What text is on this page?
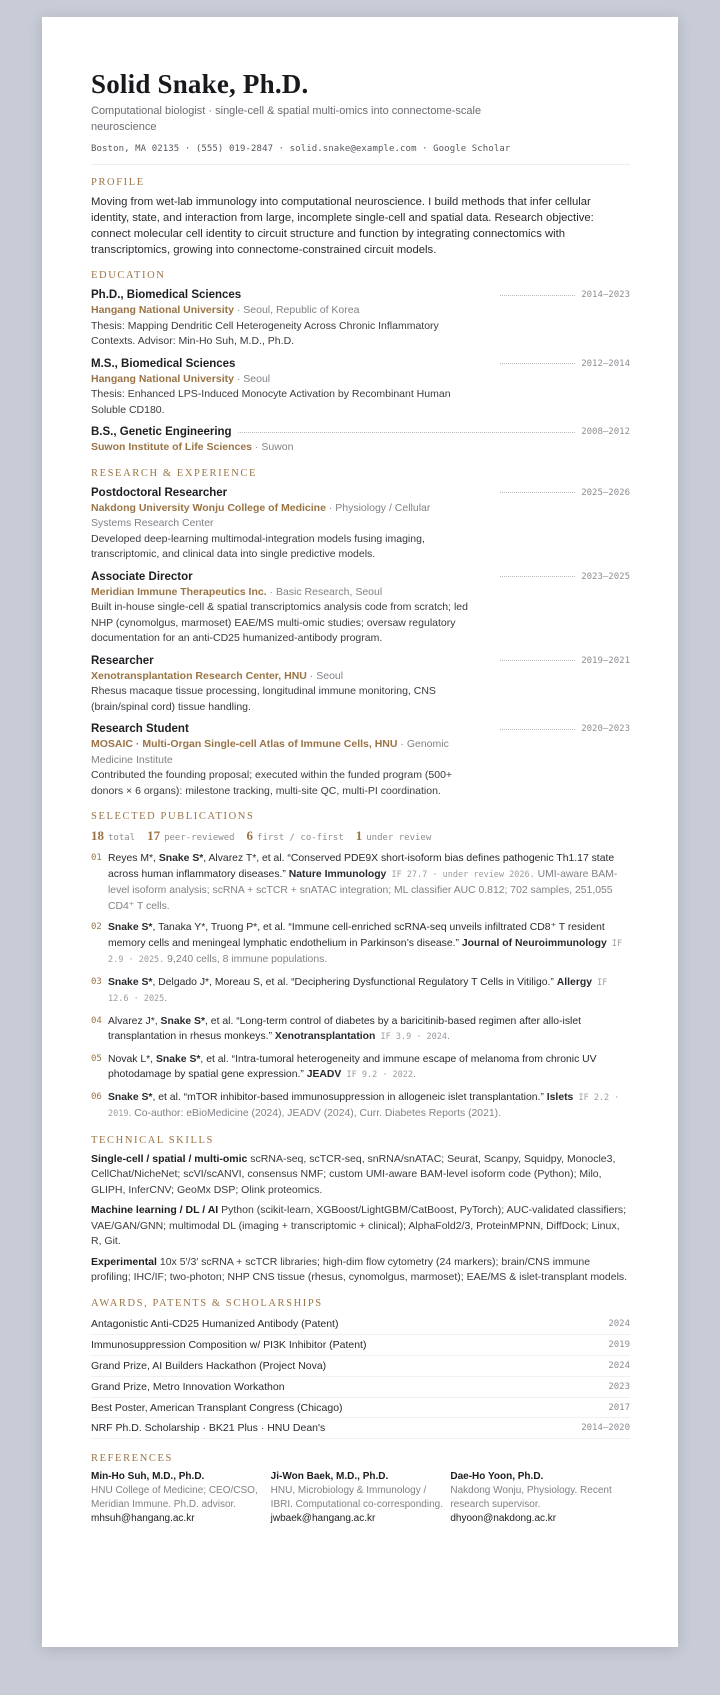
Solid Snake, Ph.D.
Computational biologist · single-cell & spatial multi-omics into connectome-scale neuroscience
Boston, MA 02135 · (555) 019-2847 · solid.snake@example.com · Google Scholar
PROFILE
Moving from wet-lab immunology into computational neuroscience. I build methods that infer cellular identity, state, and interaction from large, incomplete single-cell and spatial data. Research objective: connect molecular cell identity to circuit structure and function by integrating connectomics with transcriptomics, growing into connectome-constrained circuit models.
EDUCATION
Ph.D., Biomedical Sciences	2014–2023
Hangang National University · Seoul, Republic of Korea
Thesis: Mapping Dendritic Cell Heterogeneity Across Chronic Inflammatory Contexts. Advisor: Min-Ho Suh, M.D., Ph.D.
M.S., Biomedical Sciences	2012–2014
Hangang National University · Seoul
Thesis: Enhanced LPS-Induced Monocyte Activation by Recombinant Human Soluble CD180.
B.S., Genetic Engineering	2008–2012
Suwon Institute of Life Sciences · Suwon
RESEARCH & EXPERIENCE
Postdoctoral Researcher	2025–2026
Nakdong University Wonju College of Medicine · Physiology / Cellular Systems Research Center
Developed deep-learning multimodal-integration models fusing imaging, transcriptomic, and clinical data into single predictive models.
Associate Director	2023–2025
Meridian Immune Therapeutics Inc. · Basic Research, Seoul
Built in-house single-cell & spatial transcriptomics analysis code from scratch; led NHP (cynomolgus, marmoset) EAE/MS multi-omic studies; oversaw regulatory documentation for an anti-CD25 humanized-antibody program.
Researcher	2019–2021
Xenotransplantation Research Center, HNU · Seoul
Rhesus macaque tissue processing, longitudinal immune monitoring, CNS (brain/spinal cord) tissue handling.
Research Student	2020–2023
MOSAIC · Multi-Organ Single-cell Atlas of Immune Cells, HNU · Genomic Medicine Institute
Contributed the founding proposal; executed within the funded program (500+ donors × 6 organs): milestone tracking, multi-site QC, multi-PI coordination.
SELECTED PUBLICATIONS
18 total 17 peer-reviewed 6 first / co-first 1 under review
01 Reyes M*, Snake S*, Alvarez T*, et al. “Conserved PDE9X short-isoform bias defines pathogenic Th1.17 state across human inflammatory diseases.” Nature Immunology IF 27.7 · under review 2026. UMI-aware BAM-level isoform analysis; scRNA + scTCR + snATAC integration; ML classifier AUC 0.812; 702 samples, 251,055 CD4⁺ T cells.
02 Snake S*, Tanaka Y*, Truong P*, et al. “Immune cell-enriched scRNA-seq unveils infiltrated CD8⁺ T resident memory cells and meningeal lymphatic endothelium in Parkinson’s disease.” Journal of Neuroimmunology IF 2.9 · 2025. 9,240 cells, 8 immune populations.
03 Snake S*, Delgado J*, Moreau S, et al. “Deciphering Dysfunctional Regulatory T Cells in Vitiligo.” Allergy IF 12.6 · 2025.
04 Alvarez J*, Snake S*, et al. “Long-term control of diabetes by a baricitinib-based regimen after allo-islet transplantation in rhesus monkeys.” Xenotransplantation IF 3.9 · 2024.
05 Novak L*, Snake S*, et al. “Intra-tumoral heterogeneity and immune escape of melanoma from chronic UV photodamage by spatial gene expression.” JEADV IF 9.2 · 2022.
06 Snake S*, et al. “mTOR inhibitor-based immunosuppression in allogeneic islet transplantation.” Islets IF 2.2 · 2019. Co-author: eBioMedicine (2024), JEADV (2024), Curr. Diabetes Reports (2021).
TECHNICAL SKILLS
Single-cell / spatial / multi-omic scRNA-seq, scTCR-seq, snRNA/snATAC; Seurat, Scanpy, Squidpy, Monocle3, CellChat/NicheNet; scVI/scANVI, consensus NMF; custom UMI-aware BAM-level isoform code (Python); Milo, GLIPH, InferCNV; GeoMx DSP; Olink proteomics.
Machine learning / DL / AI Python (scikit-learn, XGBoost/LightGBM/CatBoost, PyTorch); AUC-validated classifiers; VAE/GAN/GNN; multimodal DL (imaging + transcriptomic + clinical); AlphaFold2/3, ProteinMPNN, DiffDock; Linux, R, Git.
Experimental 10x 5′/3′ scRNA + scTCR libraries; high-dim flow cytometry (24 markers); brain/CNS immune profiling; IHC/IF; two-photon; NHP CNS tissue (rhesus, cynomolgus, marmoset); EAE/MS & islet-transplant models.
AWARDS, PATENTS & SCHOLARSHIPS
Antagonistic Anti-CD25 Humanized Antibody (Patent)	2024
Immunosuppression Composition w/ PI3K Inhibitor (Patent)	2019
Grand Prize, AI Builders Hackathon (Project Nova)	2024
Grand Prize, Metro Innovation Workathon	2023
Best Poster, American Transplant Congress (Chicago)	2017
NRF Ph.D. Scholarship · BK21 Plus · HNU Dean's	2014–2020
REFERENCES
Min-Ho Suh, M.D., Ph.D.
HNU College of Medicine; CEO/CSO, Meridian Immune. Ph.D. advisor.
mhsuh@hangang.ac.kr
Ji-Won Baek, M.D., Ph.D.
HNU, Microbiology & Immunology / IBRI. Computational co-corresponding.
jwbaek@hangang.ac.kr
Dae-Ho Yoon, Ph.D.
Nakdong Wonju, Physiology. Recent research supervisor.
dhyoon@nakdong.ac.kr
